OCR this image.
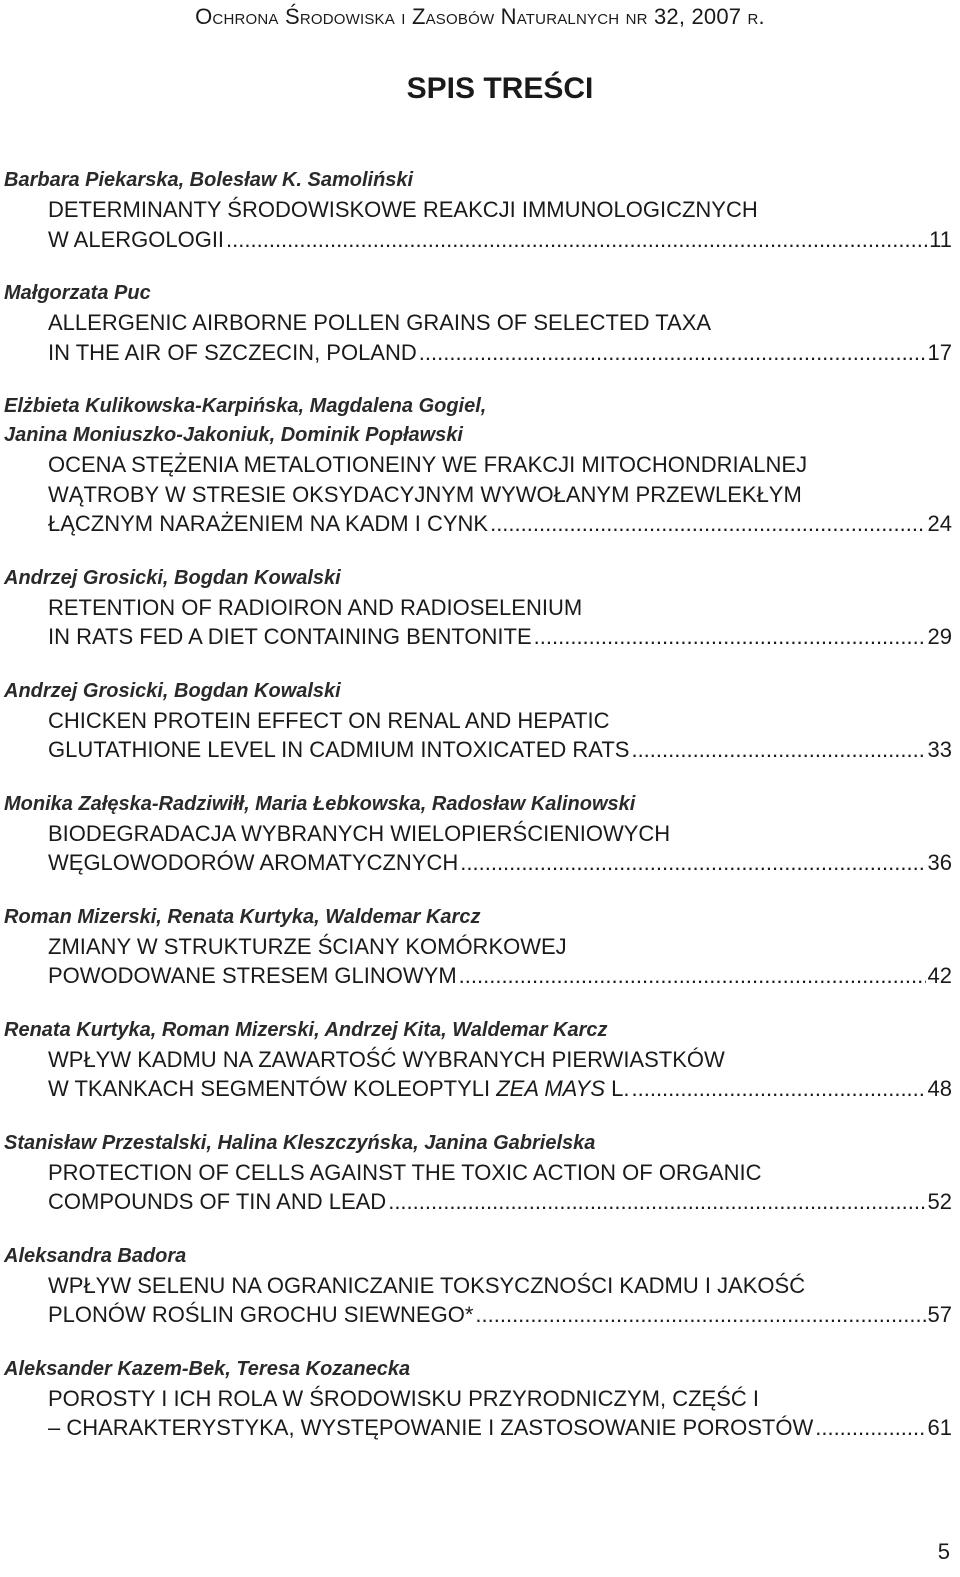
Ochrona Środowiska i Zasobów Naturalnych nr 32, 2007 r.
SPIS TREŚCI
Barbara Piekarska, Bolesław K. Samoliński
DETERMINANTY ŚRODOWISKOWE REAKCJI IMMUNOLOGICZNYCH
W ALERGOLOGII .....	11
Małgorzata Puc
ALLERGENIC AIRBORNE POLLEN GRAINS OF SELECTED TAXA
IN THE AIR OF SZCZECIN, POLAND .....	17
Elżbieta Kulikowska-Karpińska, Magdalena Gogiel,
Janina Moniuszko-Jakoniuk, Dominik Popławski
OCENA STĘŻENIA METALOTIONEINY WE FRAKCJI MITOCHONDRIALNEJ
WĄTROBY W STRESIE OKSYDACYJNYM WYWOŁANYM PRZEWLEKŁYM
ŁĄCZNYM NARAŻENIEM NA KADM I CYNK .....	24
Andrzej Grosicki, Bogdan Kowalski
RETENTION OF RADIOIRON AND RADIOSELENIUM
IN RATS FED A DIET CONTAINING BENTONITE .....	29
Andrzej Grosicki, Bogdan Kowalski
CHICKEN PROTEIN EFFECT ON RENAL AND HEPATIC
GLUTATHIONE LEVEL IN CADMIUM INTOXICATED RATS .....	33
Monika Załęska-Radziwiłł, Maria Łebkowska, Radosław Kalinowski
BIODEGRADACJA WYBRANYCH WIELOPIERŚCIENIOWYCH
WĘGLOWODORÓW AROMATYCZNYCH .....	36
Roman Mizerski, Renata Kurtyka, Waldemar Karcz
ZMIANY W STRUKTURZE ŚCIANY KOMÓRKOWEJ
POWODOWANE STRESEM GLINOWYM .....	42
Renata Kurtyka, Roman Mizerski, Andrzej Kita, Waldemar Karcz
WPŁYW KADMU NA ZAWARTOŚĆ WYBRANYCH PIERWIASTKÓW
W TKANKACH SEGMENTÓW KOLEOPTYLI ZEA MAYS L. .....	48
Stanisław Przestalski, Halina Kleszczyńska, Janina Gabrielska
PROTECTION OF CELLS AGAINST THE TOXIC ACTION OF ORGANIC
COMPOUNDS OF TIN AND LEAD .....	52
Aleksandra Badora
WPŁYW SELENU NA OGRANICZANIE TOKSYCZNOŚCI KADMU I JAKOŚĆ
PLONÓW ROŚLIN GROCHU SIEWNEGO* .....	57
Aleksander Kazem-Bek, Teresa Kozanecka
POROSTY I ICH ROLA W ŚRODOWISKU PRZYRODNICZYM, CZĘŚĆ I
– CHARAKTERYSTYKA, WYSTĘPOWANIE I ZASTOSOWANIE POROSTÓW .....	61
5
